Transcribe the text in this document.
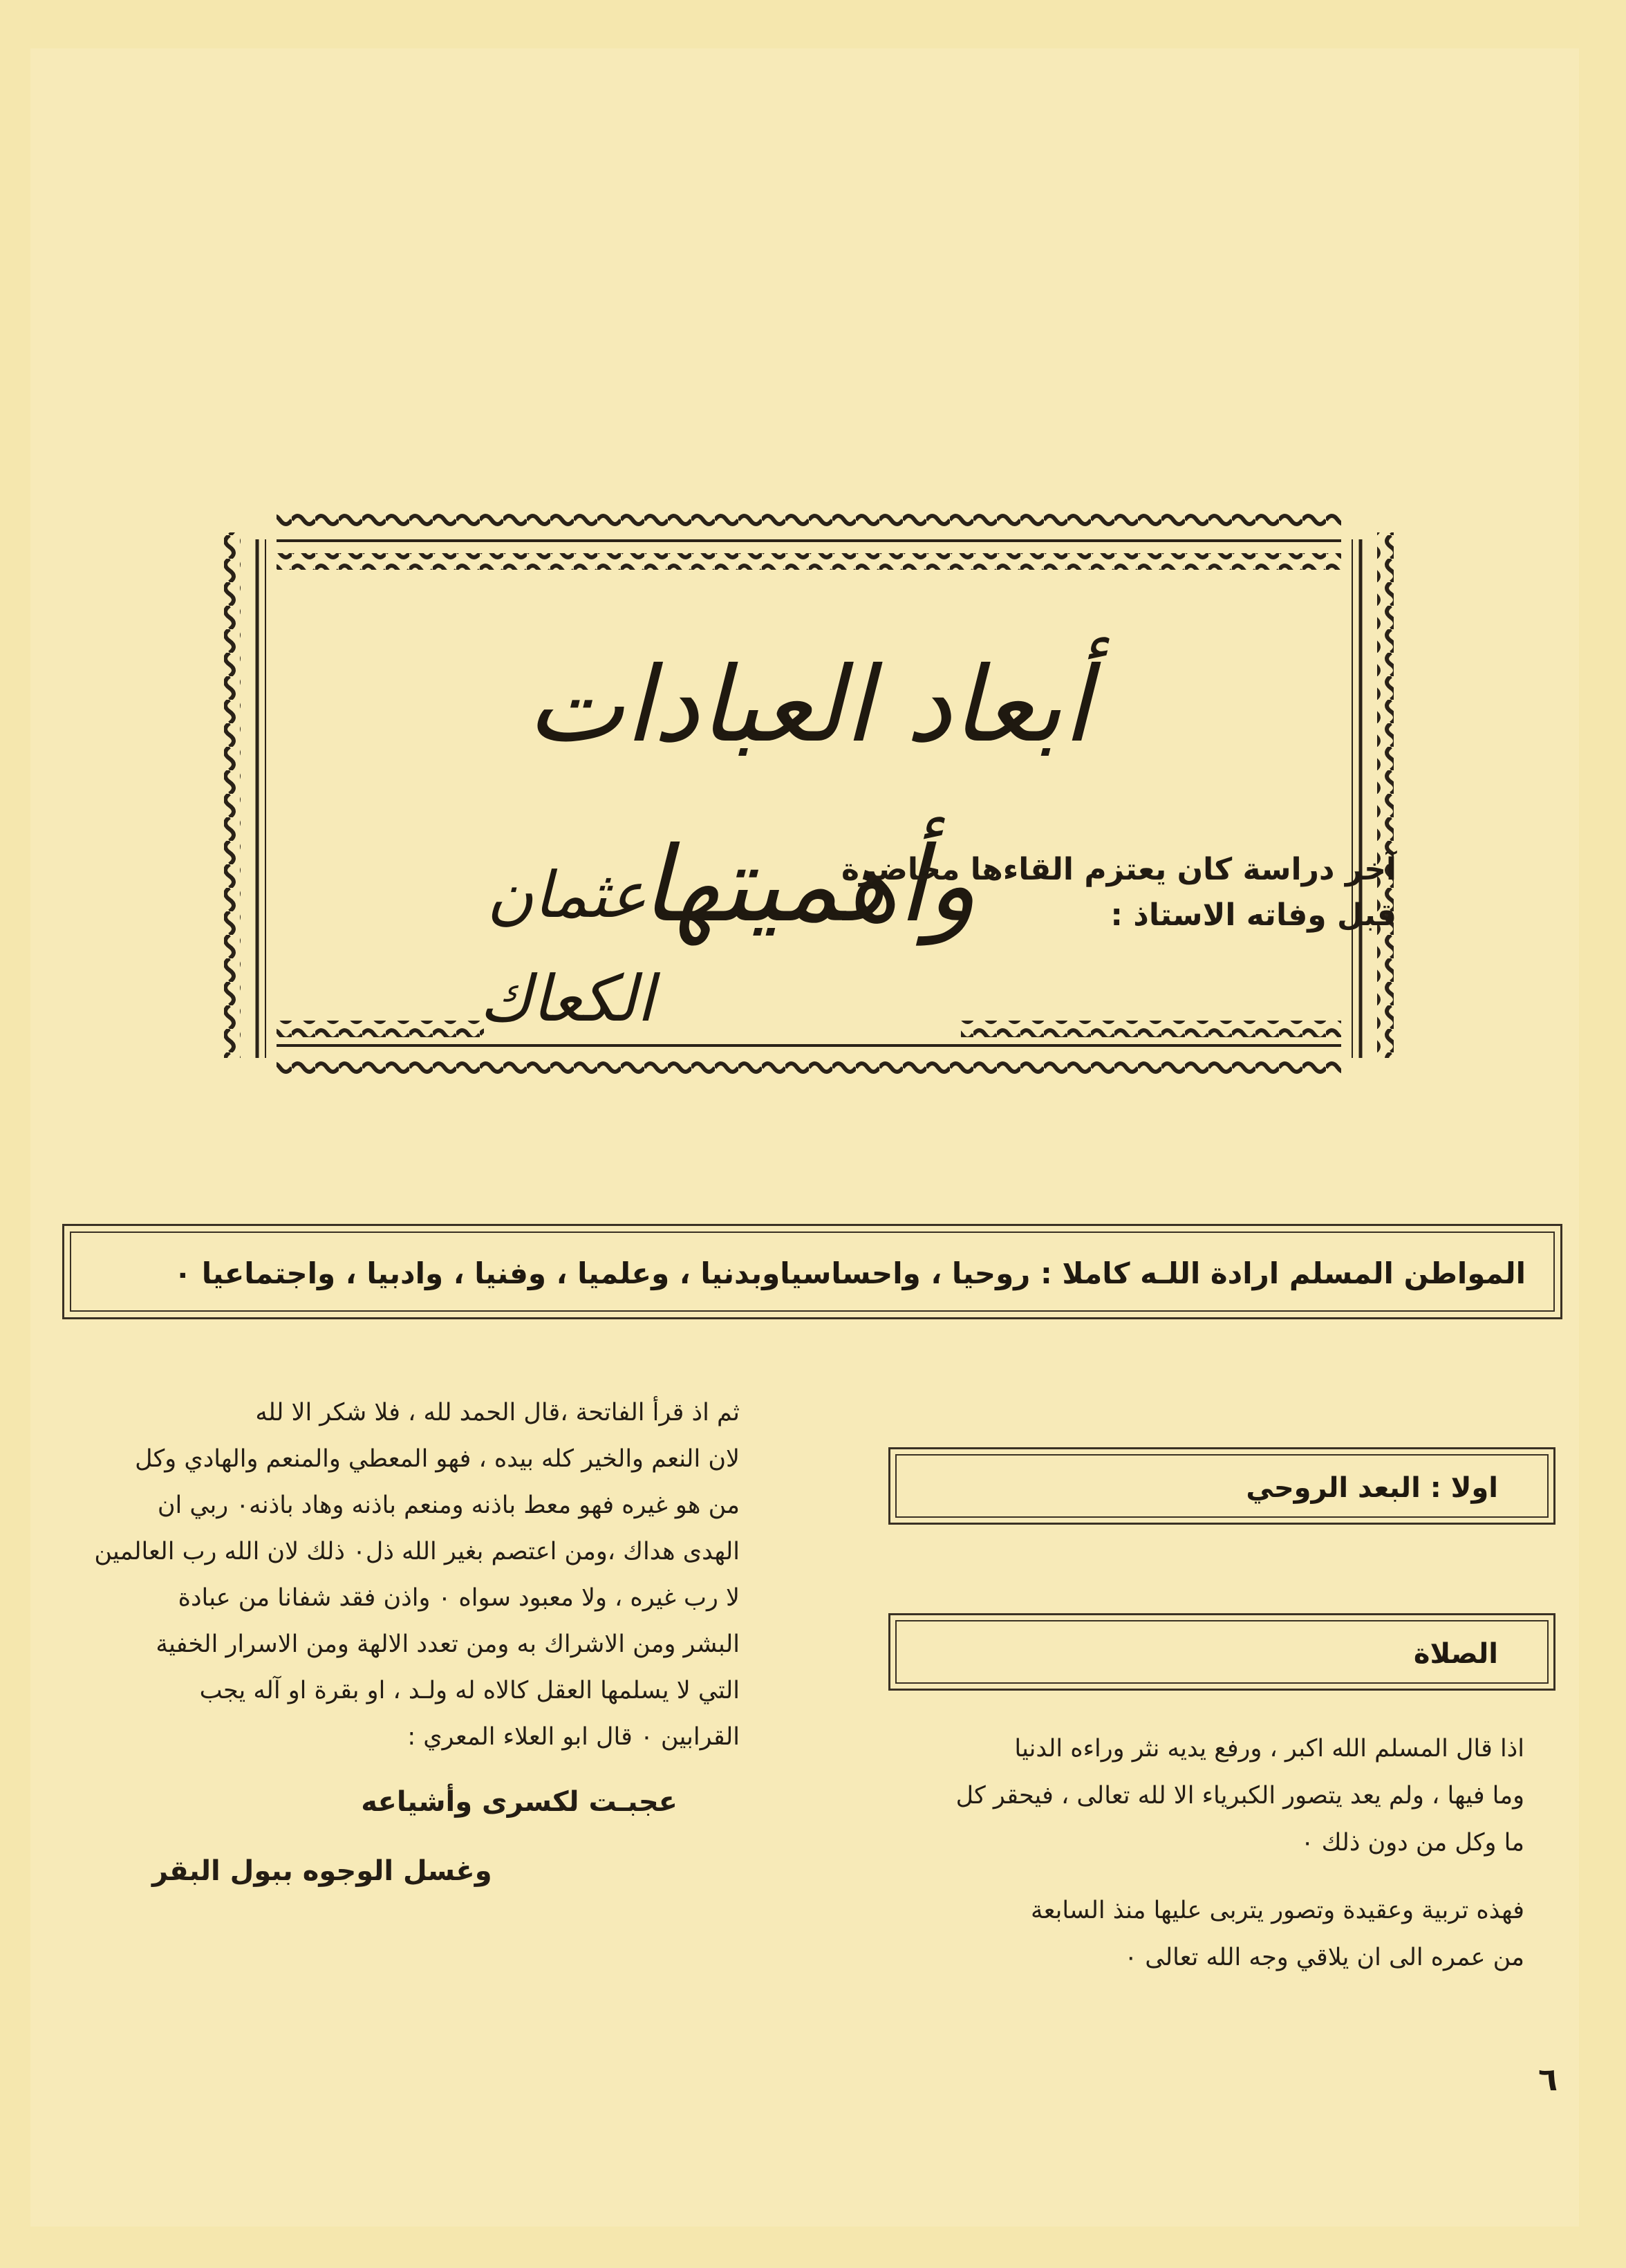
أبعاد العبادات وأهميتها
آخر دراسة كان يعتزم القاءها محاضرة
قبل وفاته الاستاذ :
عثمان الكعاك
المواطن المسلم ارادة اللـه كاملا : روحيا ، واحساسياوبدنيا ، وعلميا ، وفنيا ، وادبيا ، واجتماعيا ٠
ثم اذ قرأ الفاتحة ،قال الحمد لله ، فلا شكر الا لله
لان النعم والخير كله بيده ، فهو المعطي والمنعم والهادي وكل
من هو غيره فهو معط باذنه ومنعم باذنه وهاد باذنه٠ ربي ان
الهدى هداك ،ومن اعتصم بغير الله ذل٠ ذلك لان الله رب العالمين
لا رب غيره ، ولا معبود سواه ٠ واذن فقد شفانا من عبادة
البشر ومن الاشراك به ومن تعدد الالهة ومن الاسرار الخفية
التي لا يسلمها العقل كالاه له ولـد ، او بقرة او آله يجب
القرابين ٠ قال ابو العلاء المعري :
عجبـت لكسرى وأشياعه
وغسل الوجوه ببول البقر
اولا : البعد الروحي
الصلاة
اذا قال المسلم الله اكبر ، ورفع يديه نثر وراءه الدنيا
وما فيها ، ولم يعد يتصور الكبرياء الا لله تعالى ، فيحقر كل
ما وكل من دون ذلك ٠
فهذه تربية وعقيدة وتصور يتربى عليها منذ السابعة
من عمره الى ان يلاقي وجه الله تعالى ٠
٦
